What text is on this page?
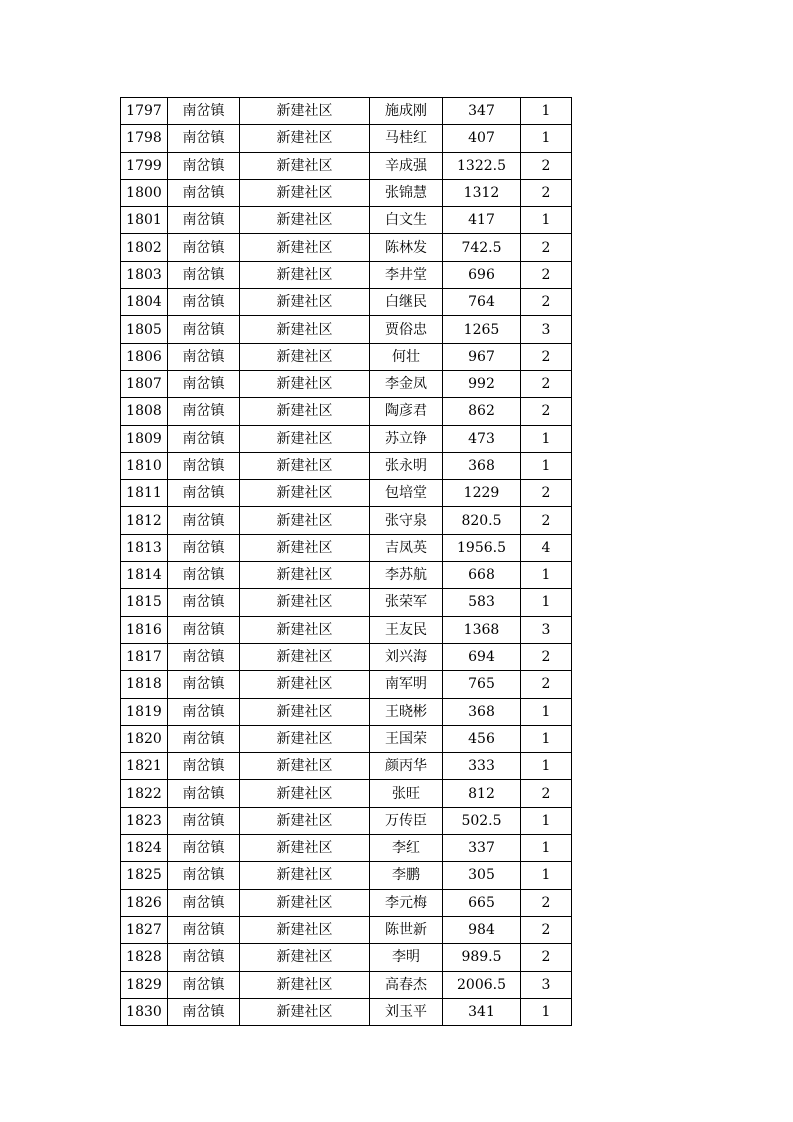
1797	南岔镇	新建社区	施成刚	347	1
1798	南岔镇	新建社区	马桂红	407	1
1799	南岔镇	新建社区	辛成强	1322.5	2
1800	南岔镇	新建社区	张锦慧	1312	2
1801	南岔镇	新建社区	白文生	417	1
1802	南岔镇	新建社区	陈林发	742.5	2
1803	南岔镇	新建社区	李井堂	696	2
1804	南岔镇	新建社区	白继民	764	2
1805	南岔镇	新建社区	贾俗忠	1265	3
1806	南岔镇	新建社区	何壮	967	2
1807	南岔镇	新建社区	李金凤	992	2
1808	南岔镇	新建社区	陶彦君	862	2
1809	南岔镇	新建社区	苏立铮	473	1
1810	南岔镇	新建社区	张永明	368	1
1811	南岔镇	新建社区	包培堂	1229	2
1812	南岔镇	新建社区	张守泉	820.5	2
1813	南岔镇	新建社区	吉凤英	1956.5	4
1814	南岔镇	新建社区	李苏航	668	1
1815	南岔镇	新建社区	张荣军	583	1
1816	南岔镇	新建社区	王友民	1368	3
1817	南岔镇	新建社区	刘兴海	694	2
1818	南岔镇	新建社区	南军明	765	2
1819	南岔镇	新建社区	王晓彬	368	1
1820	南岔镇	新建社区	王国荣	456	1
1821	南岔镇	新建社区	颜丙华	333	1
1822	南岔镇	新建社区	张旺	812	2
1823	南岔镇	新建社区	万传臣	502.5	1
1824	南岔镇	新建社区	李红	337	1
1825	南岔镇	新建社区	李鹏	305	1
1826	南岔镇	新建社区	李元梅	665	2
1827	南岔镇	新建社区	陈世新	984	2
1828	南岔镇	新建社区	李明	989.5	2
1829	南岔镇	新建社区	高春杰	2006.5	3
1830	南岔镇	新建社区	刘玉平	341	1
